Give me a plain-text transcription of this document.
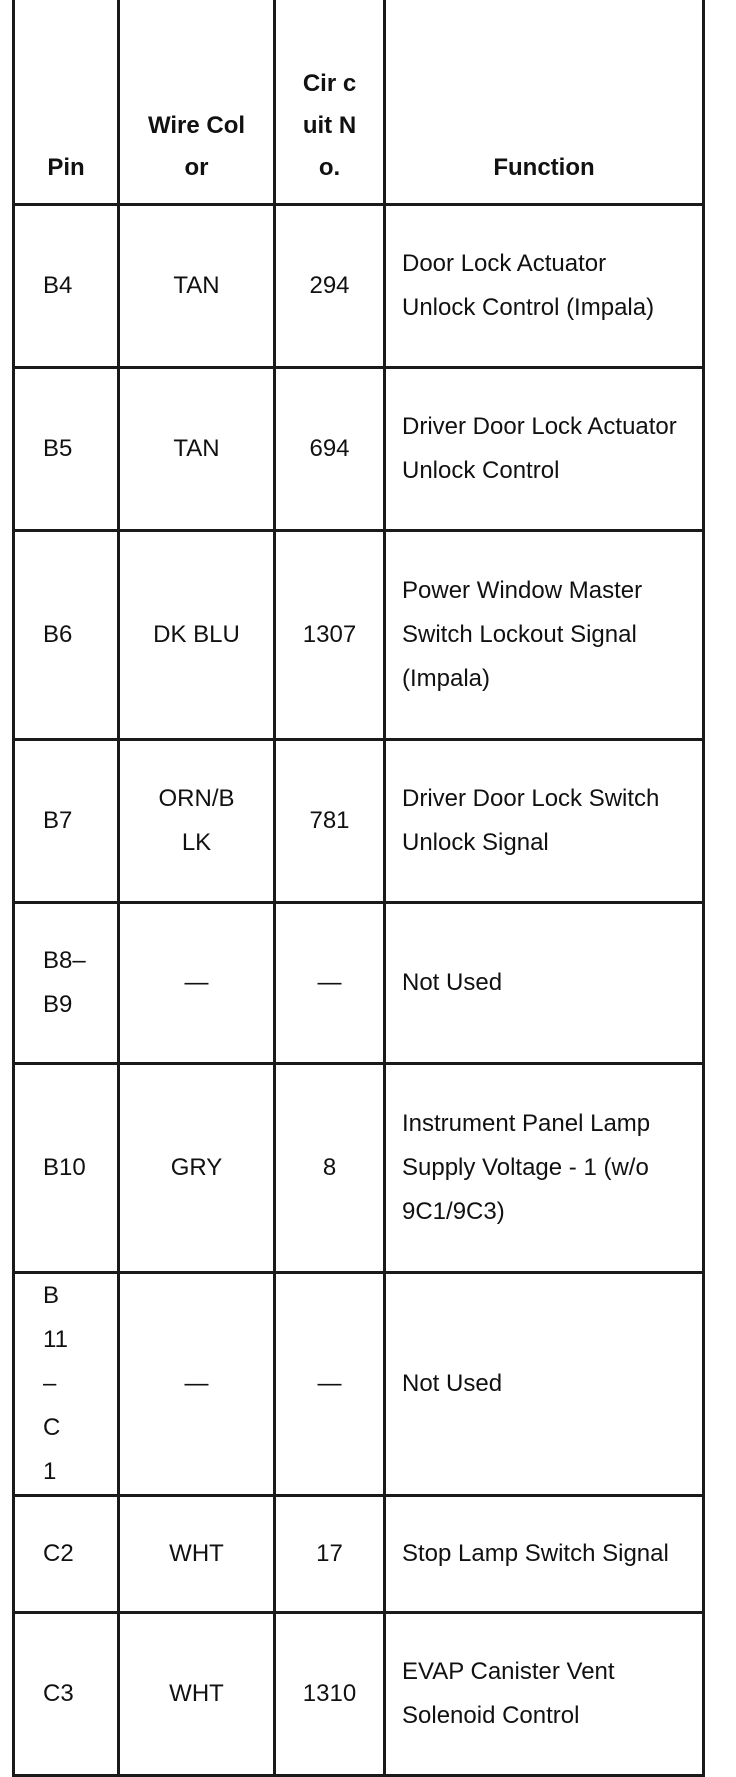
Pin	Wire Color	Cir cuit No.	Function

B4	TAN	294	Door Lock Actuator Unlock Control (Impala)
B5	TAN	694	Driver Door Lock Actuator Unlock Control
B6	DK BLU	1307	Power Window Master Switch Lockout Signal (Impala)
B7	ORN/BLK	781	Driver Door Lock Switch Unlock Signal
B8–B9	—	—	Not Used
B10	GRY	8	Instrument Panel Lamp Supply Voltage - 1 (w/o 9C1/9C3)
B11–C1	—	—	Not Used
C2	WHT	17	Stop Lamp Switch Signal
C3	WHT	1310	EVAP Canister Vent Solenoid Control
